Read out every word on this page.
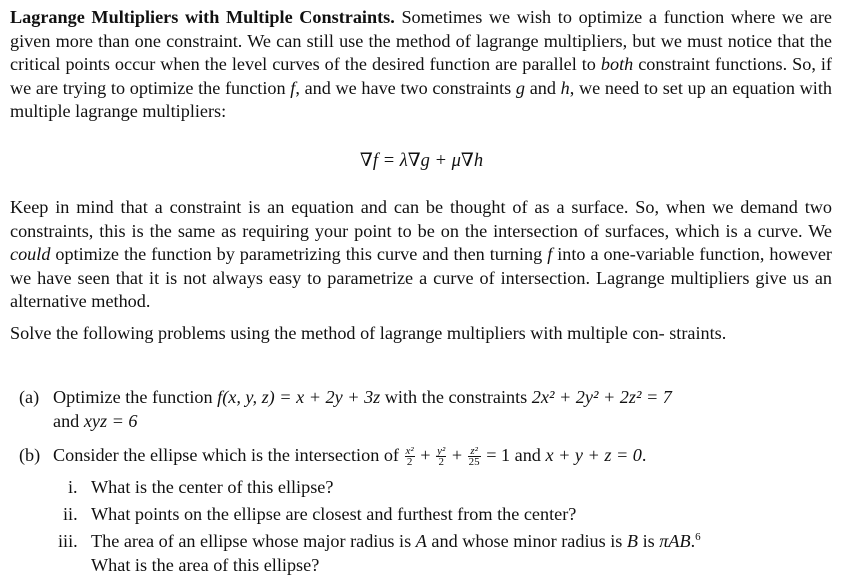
Lagrange Multipliers with Multiple Constraints. Sometimes we wish to optimize a function where we are given more than one constraint. We can still use the method of lagrange multipliers, but we must notice that the critical points occur when the level curves of the desired function are parallel to both constraint functions. So, if we are trying to optimize the function f, and we have two constraints g and h, we need to set up an equation with multiple lagrange multipliers:
∇f = λ∇g + μ∇h
Keep in mind that a constraint is an equation and can be thought of as a surface. So, when we demand two constraints, this is the same as requiring your point to be on the intersection of surfaces, which is a curve. We could optimize the function by parametrizing this curve and then turning f into a one-variable function, however we have seen that it is not always easy to parametrize a curve of intersection. Lagrange multipliers give us an alternative method.
Solve the following problems using the method of lagrange multipliers with multiple con- straints.
(a) Optimize the function f(x, y, z) = x + 2y + 3z with the constraints 2x² + 2y² + 2z² = 7
and xyz = 6
(b) Consider the ellipse which is the intersection of $\frac{\text{x²}}{2} + \frac{\text{y²}}{2} + \frac{\text{z²}}{25} = 1$ and x + y + z = 0.
i. What is the center of this ellipse?
ii. What points on the ellipse are closest and furthest from the center?
iii. The area of an ellipse whose major radius is A and whose minor radius is B is πAB.$^6$
What is the area of this ellipse?
